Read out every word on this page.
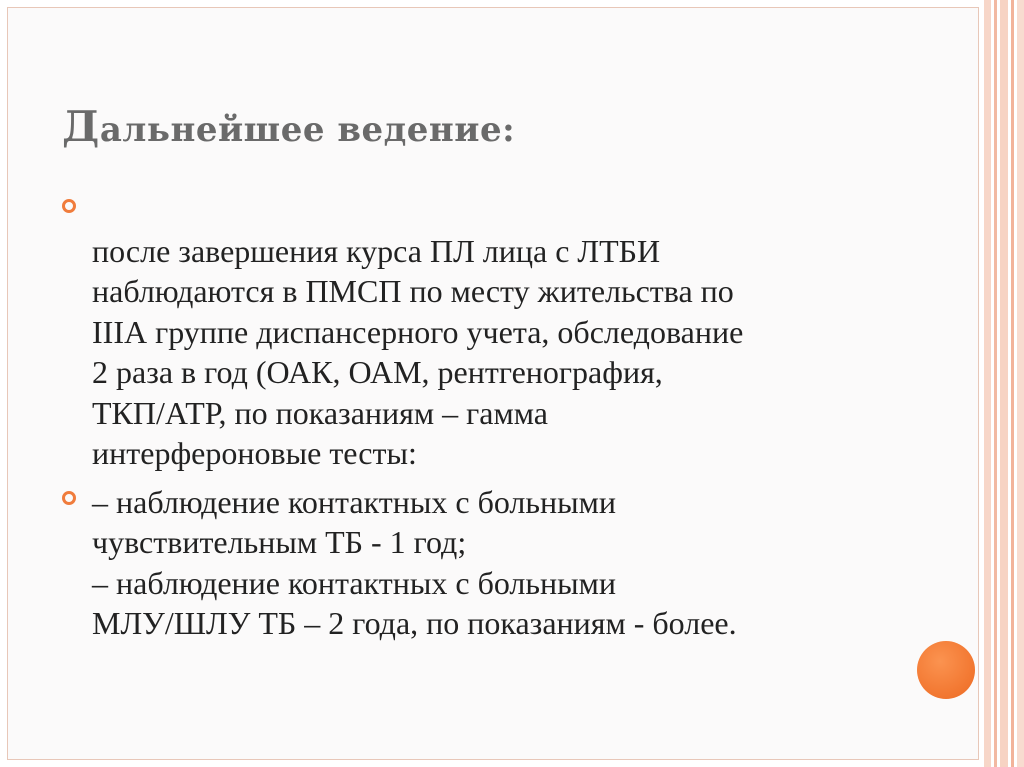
Дальнейшее ведение:
после завершения курса ПЛ лица с ЛТБИ
наблюдаются в ПМСП по месту жительства по
IIIА группе диспансерного учета, обследование
2 раза в год (ОАК, ОАМ, рентгенография,
ТКП/АТР, по показаниям – гамма
интерфероновые тесты:
– наблюдение контактных с больными
чувствительным ТБ - 1 год;
– наблюдение контактных с больными
МЛУ/ШЛУ ТБ – 2 года, по показаниям - более.
